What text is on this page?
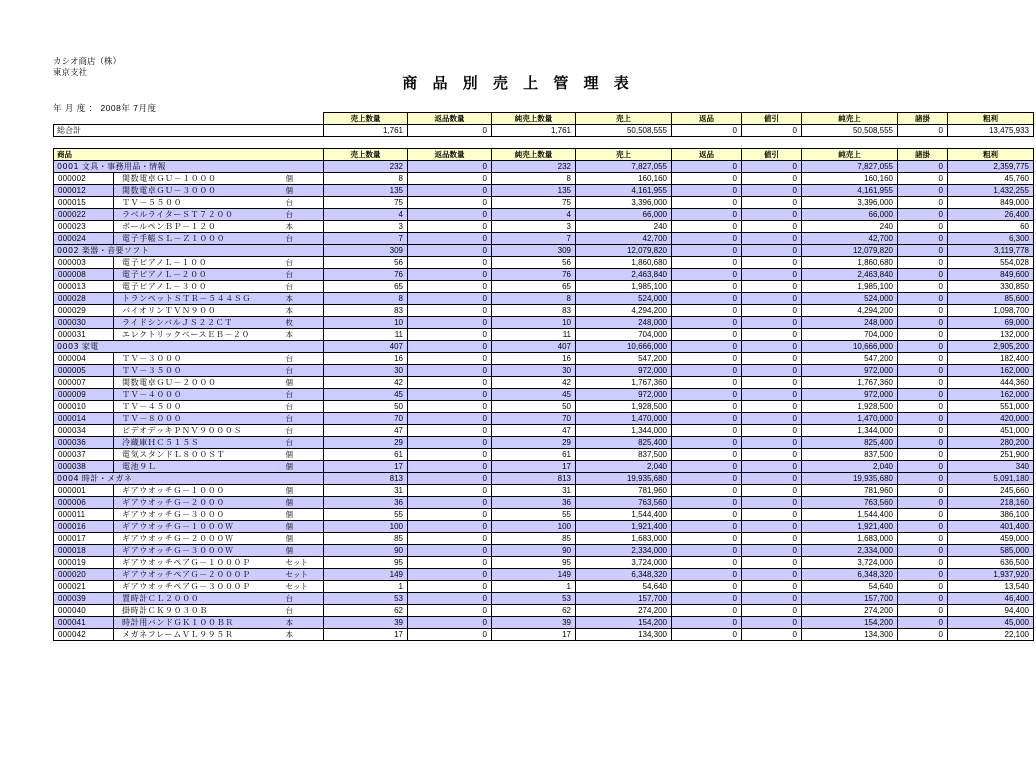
カシオ商店（株）
東京支社
商 品 別 売 上 管 理 表
年 月 度 ： 2008年 7月度
	売上数量	返品数量	純売上数量	売上	返品	値引	純売上	諸掛	粗利
総合計	1,761	0	1,761	50,508,555	0	0	50,508,555	0	13,475,933
商品			売上数量	返品数量	純売上数量	売上	返品	値引	純売上	諸掛	粗利
0001 文具・事務用品・情報			232	0	232	7,827,055	0	0	7,827,055	0	2,359,775
000002	関数電卓ＧＵ－１０００	個	8	0	8	160,160	0	0	160,160	0	45,760
000012	関数電卓ＧＵ－３０００	個	135	0	135	4,161,955	0	0	4,161,955	0	1,432,255
000015	ＴＶ－５５００	台	75	0	75	3,396,000	0	0	3,396,000	0	849,000
000022	ラベルライターＳＴ７２００	台	4	0	4	66,000	0	0	66,000	0	26,400
000023	ボールペンＢＰ－１２０	本	3	0	3	240	0	0	240	0	60
000024	電子手帳ＳＬ－Ｚ１０００	台	7	0	7	42,700	0	0	42,700	0	6,300
0002 楽器・音要ソフト			309	0	309	12,079,820	0	0	12,079,820	0	3,119,778
000003	電子ピアノＬ－１００	台	56	0	56	1,860,680	0	0	1,860,680	0	554,028
000008	電子ピアノＬ－２００	台	76	0	76	2,463,840	0	0	2,463,840	0	849,600
000013	電子ピアノＬ－３００	台	65	0	65	1,985,100	0	0	1,985,100	0	330,850
000028	トランペットＳＴＲ－５４４ＳＧ	本	8	0	8	524,000	0	0	524,000	0	85,600
000029	バイオリンＴＶＮ９００	本	83	0	83	4,294,200	0	0	4,294,200	0	1,098,700
000030	ライドシンバルＪＳ２２ＣＴ	枚	10	0	10	248,000	0	0	248,000	0	69,000
000031	エレクトリックベースＥＢ－２０	本	11	0	11	704,000	0	0	704,000	0	132,000
0003 家電			407	0	407	10,666,000	0	0	10,666,000	0	2,905,200
000004	ＴＶ－３０００	台	16	0	16	547,200	0	0	547,200	0	182,400
000005	ＴＶ－３５００	台	30	0	30	972,000	0	0	972,000	0	162,000
000007	関数電卓ＧＵ－２０００	個	42	0	42	1,767,360	0	0	1,767,360	0	444,360
000009	ＴＶ－４０００	台	45	0	45	972,000	0	0	972,000	0	162,000
000010	ＴＶ－４５００	台	50	0	50	1,928,500	0	0	1,928,500	0	551,000
000014	ＴＶ－８０００	台	70	0	70	1,470,000	0	0	1,470,000	0	420,000
000034	ビデオデッキＰＮＶ９０００Ｓ	台	47	0	47	1,344,000	0	0	1,344,000	0	451,000
000036	冷蔵庫ＨＣ５１５Ｓ	台	29	0	29	825,400	0	0	825,400	0	280,200
000037	電気スタンドＬ８００ＳＴ	個	61	0	61	837,500	0	0	837,500	0	251,900
000038	電池９Ｌ	個	17	0	17	2,040	0	0	2,040	0	340
0004 時計・メガネ			813	0	813	19,935,680	0	0	19,935,680	0	5,091,180
000001	ギアウオッチＧ－１０００	個	31	0	31	781,960	0	0	781,960	0	245,660
000006	ギアウオッチＧ－２０００	個	36	0	36	763,560	0	0	763,560	0	218,160
000011	ギアウオッチＧ－３０００	個	55	0	55	1,544,400	0	0	1,544,400	0	386,100
000016	ギアウオッチＧ－１０００Ｗ	個	100	0	100	1,921,400	0	0	1,921,400	0	401,400
000017	ギアウオッチＧ－２０００Ｗ	個	85	0	85	1,683,000	0	0	1,683,000	0	459,000
000018	ギアウオッチＧ－３０００Ｗ	個	90	0	90	2,334,000	0	0	2,334,000	0	585,000
000019	ギアウオッチペアＧ－１０００Ｐ	セット	95	0	95	3,724,000	0	0	3,724,000	0	636,500
000020	ギアウオッチペアＧ－２０００Ｐ	セット	149	0	149	6,348,320	0	0	6,348,320	0	1,937,920
000021	ギアウオッチペアＧ－３０００Ｐ	セット	1	0	1	54,640	0	0	54,640	0	13,540
000039	置時計ＣＬ２０００	台	53	0	53	157,700	0	0	157,700	0	46,400
000040	掛時計ＣＫ９０３０Ｂ	台	62	0	62	274,200	0	0	274,200	0	94,400
000041	時計用バンドＧＫ１００ＢＲ	本	39	0	39	154,200	0	0	154,200	0	45,000
000042	メガネフレームＶＬ９９５Ｒ	本	17	0	17	134,300	0	0	134,300	0	22,100
